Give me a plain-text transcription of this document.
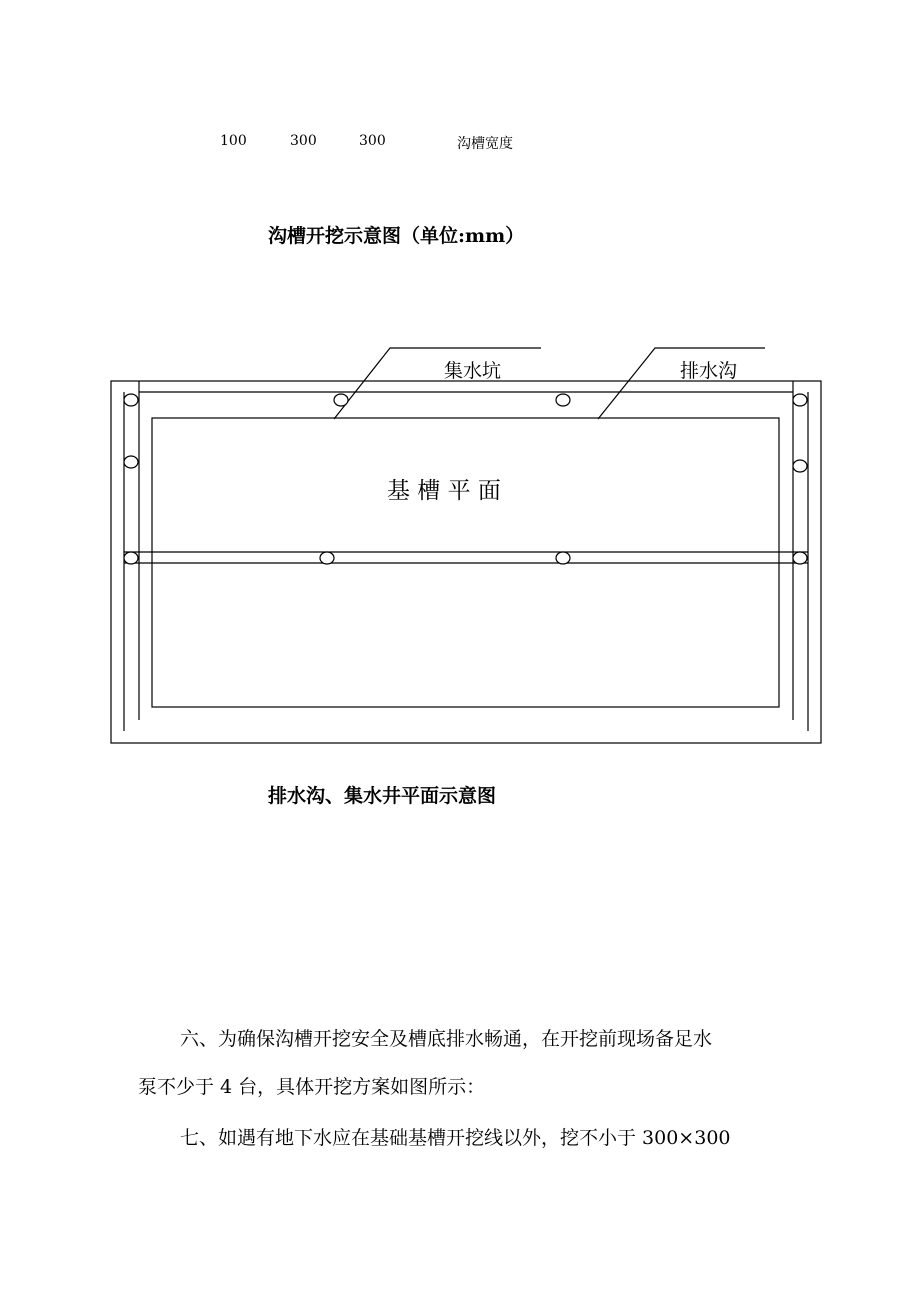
100	300	300	沟槽宽度
沟槽开挖示意图（单位:mm）
集水坑	排水沟
基 槽 平 面
排水沟、集水井平面示意图
六、为确保沟槽开挖安全及槽底排水畅通，在开挖前现场备足水
泵不少于 4 台，具体开挖方案如图所示：
七、如遇有地下水应在基础基槽开挖线以外，挖不小于 300×300
